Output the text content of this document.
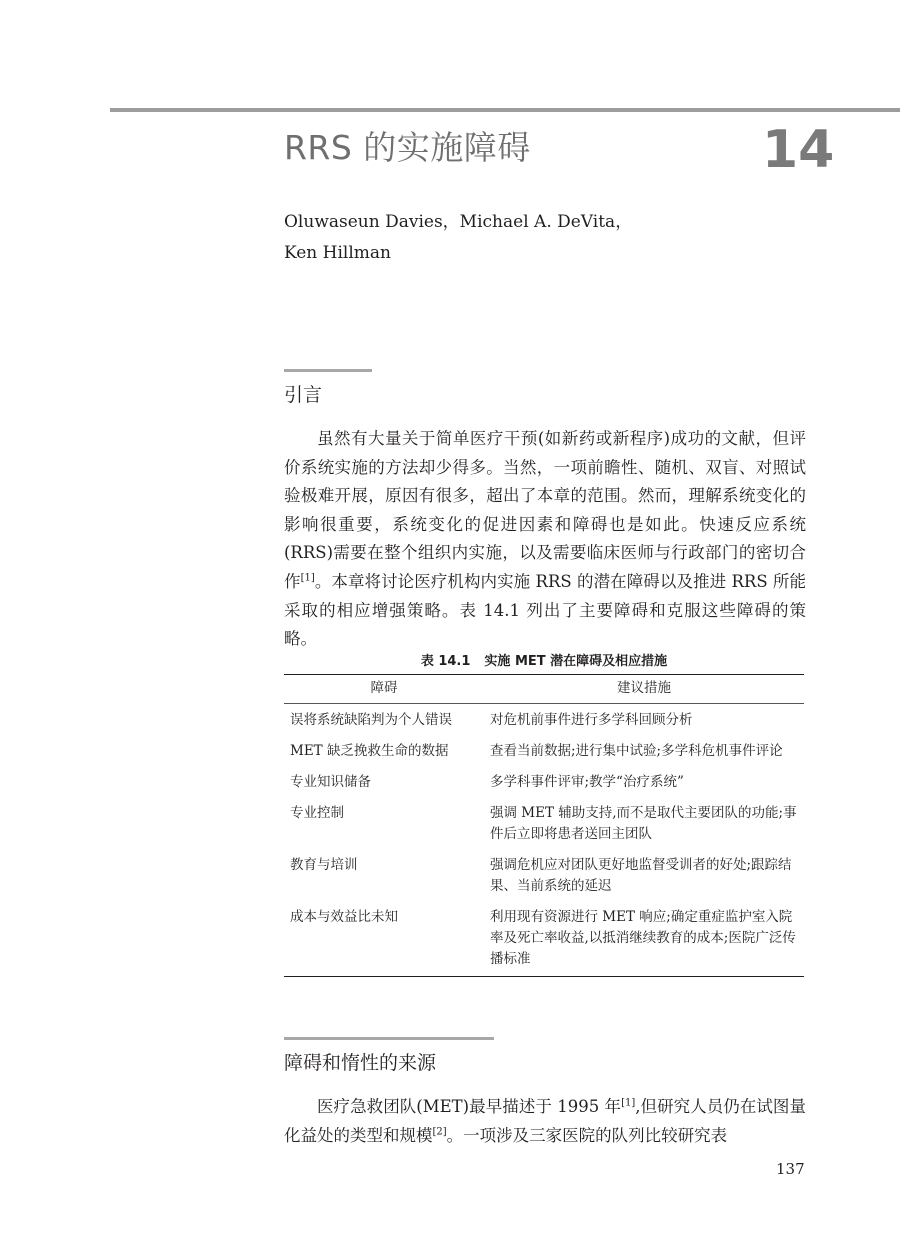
RRS 的实施障碍	14
Oluwaseun Davies，Michael A. DeVita，
Ken Hillman
引言

虽然有大量关于简单医疗干预(如新药或新程序)成功的文献，但评价系统实施的方法却少得多。当然，一项前瞻性、随机、双盲、对照试验极难开展，原因有很多，超出了本章的范围。然而，理解系统变化的影响很重要，系统变化的促进因素和障碍也是如此。快速反应系统(RRS)需要在整个组织内实施，以及需要临床医师与行政部门的密切合作[1]。本章将讨论医疗机构内实施 RRS 的潜在障碍以及推进 RRS 所能采取的相应增强策略。表 14.1 列出了主要障碍和克服这些障碍的策略。

表 14.1 实施 MET 潜在障碍及相应措施
障碍	建议措施
误将系统缺陷判为个人错误	对危机前事件进行多学科回顾分析
MET 缺乏挽救生命的数据	查看当前数据;进行集中试验;多学科危机事件评论
专业知识储备	多学科事件评审;教学“治疗系统”
专业控制	强调 MET 辅助支持,而不是取代主要团队的功能;事件后立即将患者送回主团队
教育与培训	强调危机应对团队更好地监督受训者的好处;跟踪结果、当前系统的延迟
成本与效益比未知	利用现有资源进行 MET 响应;确定重症监护室入院率及死亡率收益,以抵消继续教育的成本;医院广泛传播标准
障碍和惰性的来源

医疗急救团队(MET)最早描述于 1995 年[1],但研究人员仍在试图量化益处的类型和规模[2]。一项涉及三家医院的队列比较研究表

137
